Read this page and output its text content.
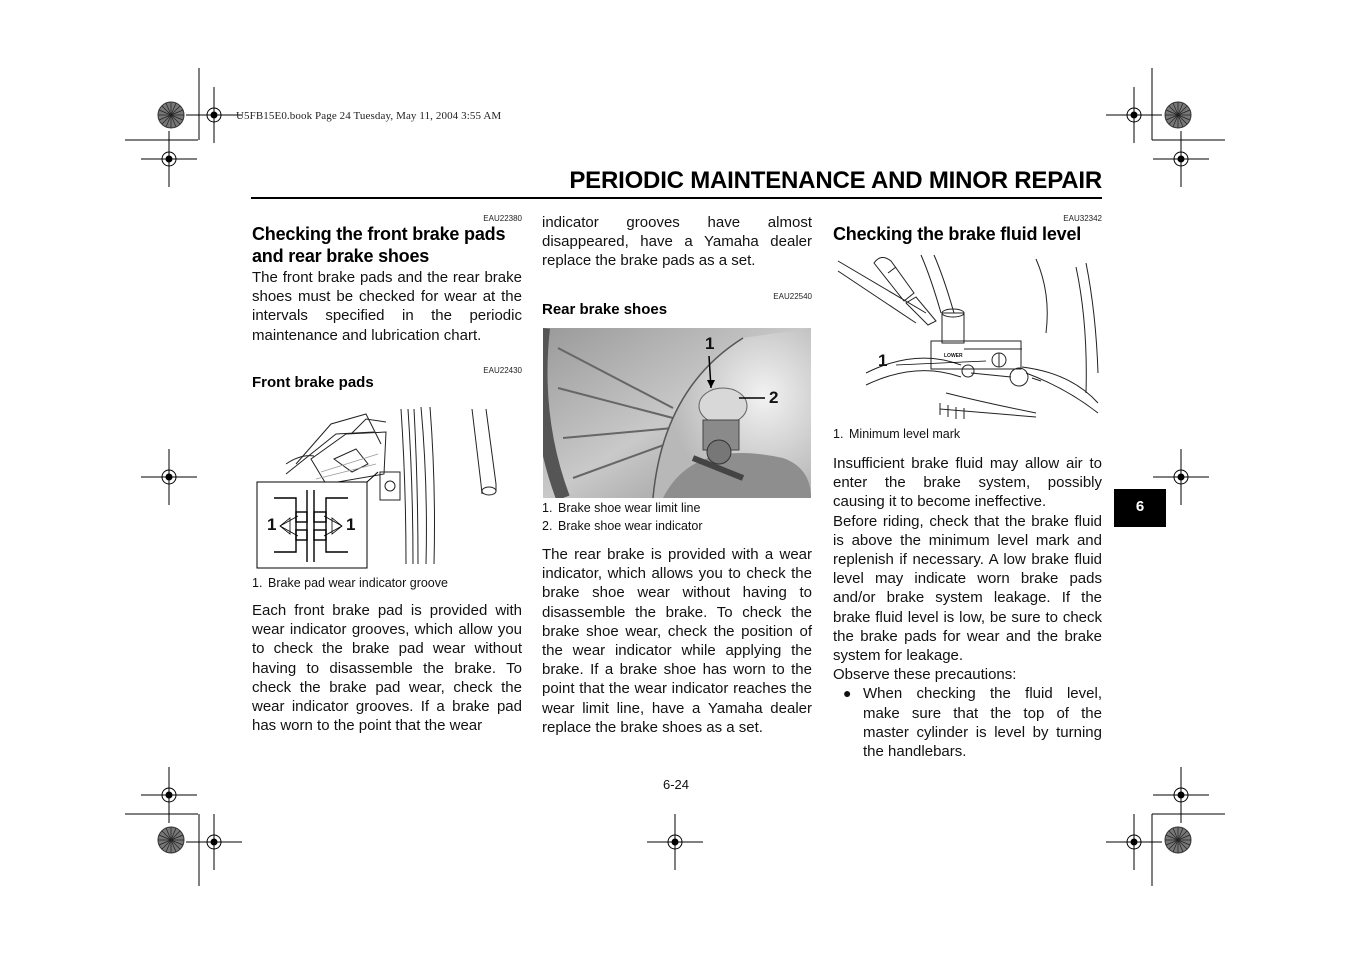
U5FB15E0.book Page 24 Tuesday, May 11, 2004 3:55 AM
PERIODIC MAINTENANCE AND MINOR REPAIR
6
EAU22380
Checking the front brake pads and rear brake shoes
The front brake pads and the rear brake shoes must be checked for wear at the intervals specified in the periodic maintenance and lubrication chart.
EAU22430
Front brake pads
1	1
1. Brake pad wear indicator groove
Each front brake pad is provided with wear indicator grooves, which allow you to check the brake pad wear without having to disassemble the brake. To check the brake pad wear, check the wear indicator grooves. If a brake pad has worn to the point that the wear
indicator grooves have almost disappeared, have a Yamaha dealer replace the brake pads as a set.
EAU22540
Rear brake shoes
1
2
1. Brake shoe wear limit line
2. Brake shoe wear indicator
The rear brake is provided with a wear indicator, which allows you to check the brake shoe wear without having to disassemble the brake. To check the brake shoe wear, check the position of the wear indicator while applying the brake. If a brake shoe has worn to the point that the wear indicator reaches the wear limit line, have a Yamaha dealer replace the brake shoes as a set.
EAU32342
Checking the brake fluid level
1	LOWER
1. Minimum level mark
Insufficient brake fluid may allow air to enter the brake system, possibly causing it to become ineffective.
Before riding, check that the brake fluid is above the minimum level mark and replenish if necessary. A low brake fluid level may indicate worn brake pads and/or brake system leakage. If the brake fluid level is low, be sure to check the brake pads for wear and the brake system for leakage.
Observe these precautions:
● When checking the fluid level, make sure that the top of the master cylinder is level by turning the handlebars.
6-24
